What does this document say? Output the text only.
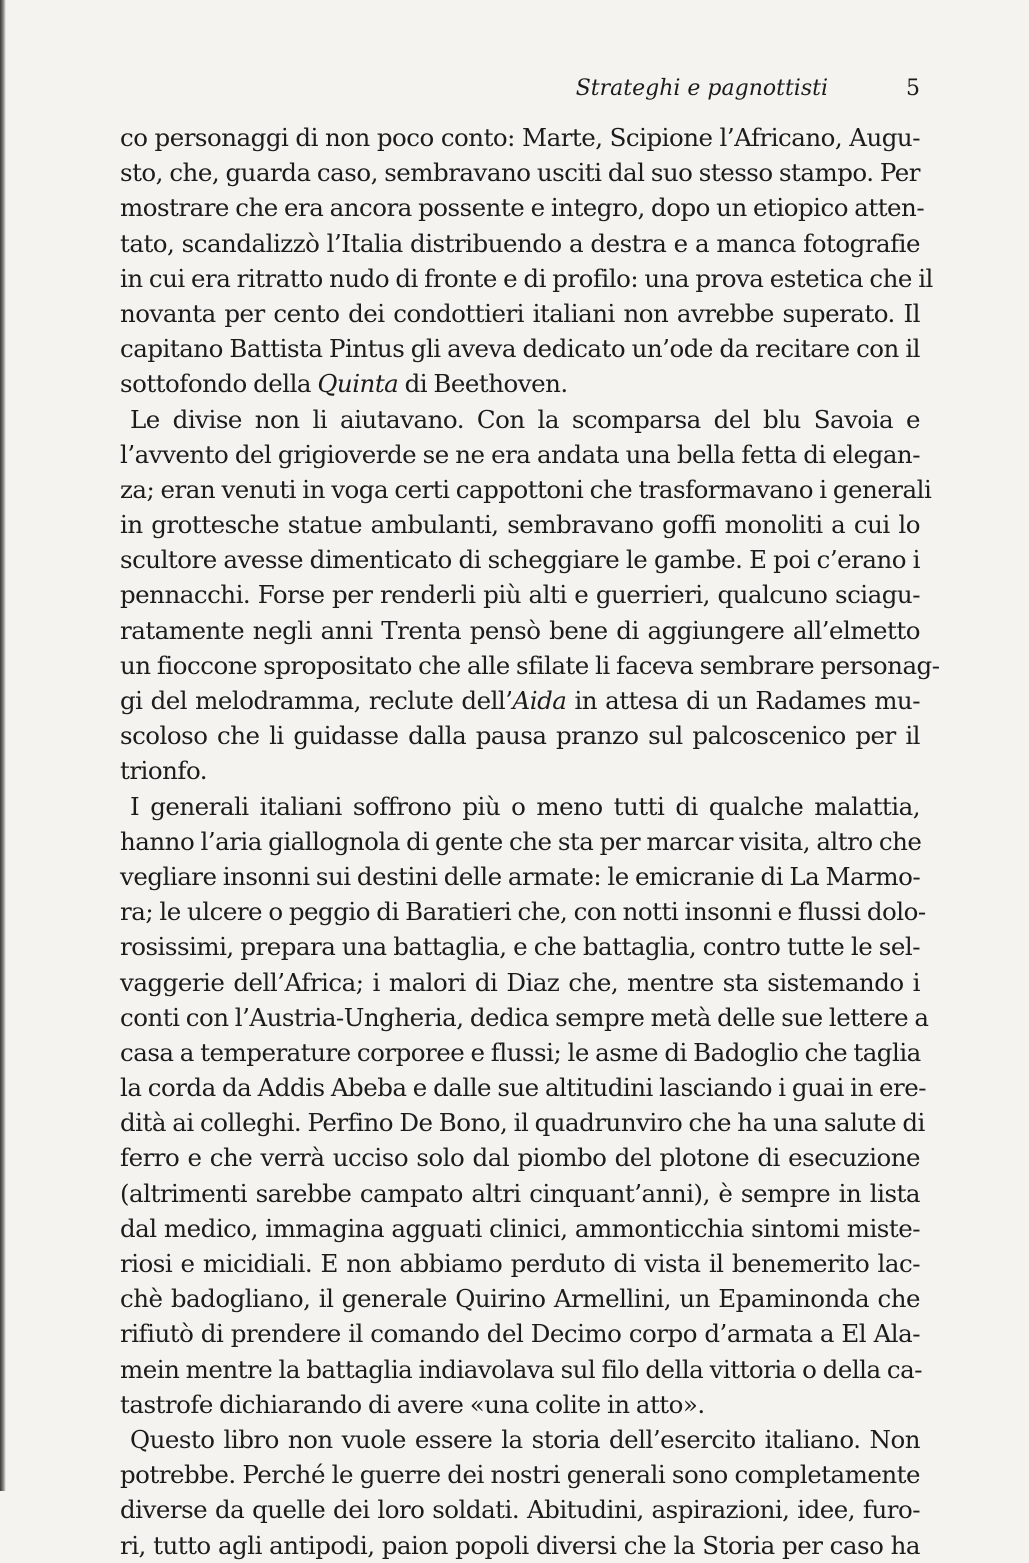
Strateghi e pagnottisti	5
co personaggi di non poco conto: Marte, Scipione l’Africano, Augu-
sto, che, guarda caso, sembravano usciti dal suo stesso stampo. Per
mostrare che era ancora possente e integro, dopo un etiopico atten-
tato, scandalizzò l’Italia distribuendo a destra e a manca fotografie
in cui era ritratto nudo di fronte e di profilo: una prova estetica che il
novanta per cento dei condottieri italiani non avrebbe superato. Il
capitano Battista Pintus gli aveva dedicato un’ode da recitare con il
sottofondo della Quinta di Beethoven.
Le divise non li aiutavano. Con la scomparsa del blu Savoia e
l’avvento del grigioverde se ne era andata una bella fetta di elegan-
za; eran venuti in voga certi cappottoni che trasformavano i generali
in grottesche statue ambulanti, sembravano goffi monoliti a cui lo
scultore avesse dimenticato di scheggiare le gambe. E poi c’erano i
pennacchi. Forse per renderli più alti e guerrieri, qualcuno sciagu-
ratamente negli anni Trenta pensò bene di aggiungere all’elmetto
un fioccone spropositato che alle sfilate li faceva sembrare personag-
gi del melodramma, reclute dell’Aida in attesa di un Radames mu-
scoloso che li guidasse dalla pausa pranzo sul palcoscenico per il
trionfo.
I generali italiani soffrono più o meno tutti di qualche malattia,
hanno l’aria giallognola di gente che sta per marcar visita, altro che
vegliare insonni sui destini delle armate: le emicranie di La Marmo-
ra; le ulcere o peggio di Baratieri che, con notti insonni e flussi dolo-
rosissimi, prepara una battaglia, e che battaglia, contro tutte le sel-
vaggerie dell’Africa; i malori di Diaz che, mentre sta sistemando i
conti con l’Austria-Ungheria, dedica sempre metà delle sue lettere a
casa a temperature corporee e flussi; le asme di Badoglio che taglia
la corda da Addis Abeba e dalle sue altitudini lasciando i guai in ere-
dità ai colleghi. Perfino De Bono, il quadrunviro che ha una salute di
ferro e che verrà ucciso solo dal piombo del plotone di esecuzione
(altrimenti sarebbe campato altri cinquant’anni), è sempre in lista
dal medico, immagina agguati clinici, ammonticchia sintomi miste-
riosi e micidiali. E non abbiamo perduto di vista il benemerito lac-
chè badogliano, il generale Quirino Armellini, un Epaminonda che
rifiutò di prendere il comando del Decimo corpo d’armata a El Ala-
mein mentre la battaglia indiavolava sul filo della vittoria o della ca-
tastrofe dichiarando di avere «una colite in atto».
Questo libro non vuole essere la storia dell’esercito italiano. Non
potrebbe. Perché le guerre dei nostri generali sono completamente
diverse da quelle dei loro soldati. Abitudini, aspirazioni, idee, furo-
ri, tutto agli antipodi, paion popoli diversi che la Storia per caso ha
